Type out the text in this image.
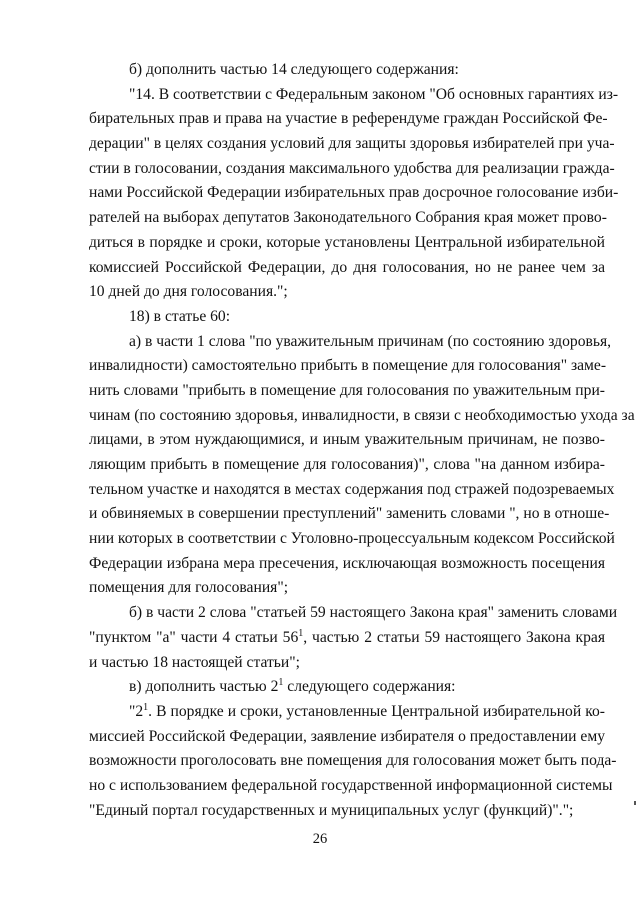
б) дополнить частью 14 следующего содержания:
"14. В соответствии с Федеральным законом "Об основных гарантиях из-
бирательных прав и права на участие в референдуме граждан Российской Фе-
дерации" в целях создания условий для защиты здоровья избирателей при уча-
стии в голосовании, создания максимального удобства для реализации гражда-
нами Российской Федерации избирательных прав досрочное голосование изби-
рателей на выборах депутатов Законодательного Собрания края может прово-
диться в порядке и сроки, которые установлены Центральной избирательной
комиссией Российской Федерации, до дня голосования, но не ранее чем за
10 дней до дня голосования.";
18) в статье 60:
а) в части 1 слова "по уважительным причинам (по состоянию здоровья,
инвалидности) самостоятельно прибыть в помещение для голосования" заме-
нить словами "прибыть в помещение для голосования по уважительным при-
чинам (по состоянию здоровья, инвалидности, в связи с необходимостью ухода за
лицами, в этом нуждающимися, и иным уважительным причинам, не позво-
ляющим прибыть в помещение для голосования)", слова "на данном избира-
тельном участке и находятся в местах содержания под стражей подозреваемых
и обвиняемых в совершении преступлений" заменить словами ", но в отноше-
нии которых в соответствии с Уголовно-процессуальным кодексом Российской
Федерации избрана мера пресечения, исключающая возможность посещения
помещения для голосования";
б) в части 2 слова "статьей 59 настоящего Закона края" заменить словами
"пунктом "а" части 4 статьи $56^1$, частью 2 статьи 59 настоящего Закона края
и частью 18 настоящей статьи";
в) дополнить частью $2^1$ следующего содержания:
"$2^1$. В порядке и сроки, установленные Центральной избирательной ко-
миссией Российской Федерации, заявление избирателя о предоставлении ему
возможности проголосовать вне помещения для голосования может быть пода-
но с использованием федеральной государственной информационной системы
"Единый портал государственных и муниципальных услуг (функций)".";
26
